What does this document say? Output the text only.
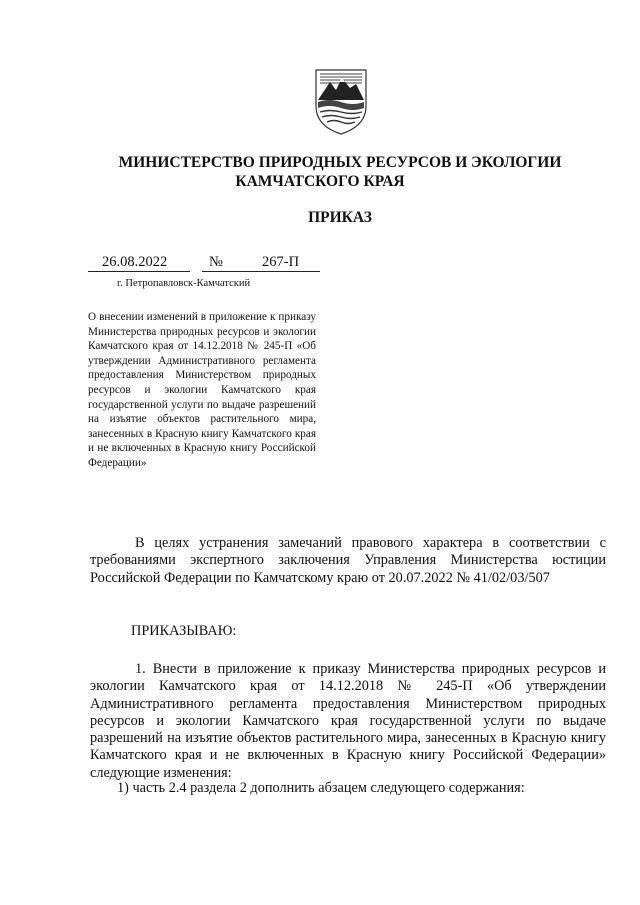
МИНИСТЕРСТВО ПРИРОДНЫХ РЕСУРСОВ И ЭКОЛОГИИ
КАМЧАТСКОГО КРАЯ
ПРИКАЗ
26.08.2022	№	267-П
г. Петропавловск-Камчатский
О внесении изменений в приложение к приказу Министерства природных ресурсов и экологии Камчатского края от 14.12.2018 № 245-П «Об утверждении Административного регламента предоставления Министерством природных ресурсов и экологии Камчатского края государственной услуги по выдаче разрешений на изъятие объектов растительного мира, занесенных в Красную книгу Камчатского края и не включенных в Красную книгу Российской Федерации»
В целях устранения замечаний правового характера в соответствии с требованиями экспертного заключения Управления Министерства юстиции Российской Федерации по Камчатскому краю от 20.07.2022 № 41/02/03/507
ПРИКАЗЫВАЮ:
1. Внести в приложение к приказу Министерства природных ресурсов и экологии Камчатского края от 14.12.2018 № 245-П «Об утверждении Административного регламента предоставления Министерством природных ресурсов и экологии Камчатского края государственной услуги по выдаче разрешений на изъятие объектов растительного мира, занесенных в Красную книгу Камчатского края и не включенных в Красную книгу Российской Федерации» следующие изменения:
1) часть 2.4 раздела 2 дополнить абзацем следующего содержания:
